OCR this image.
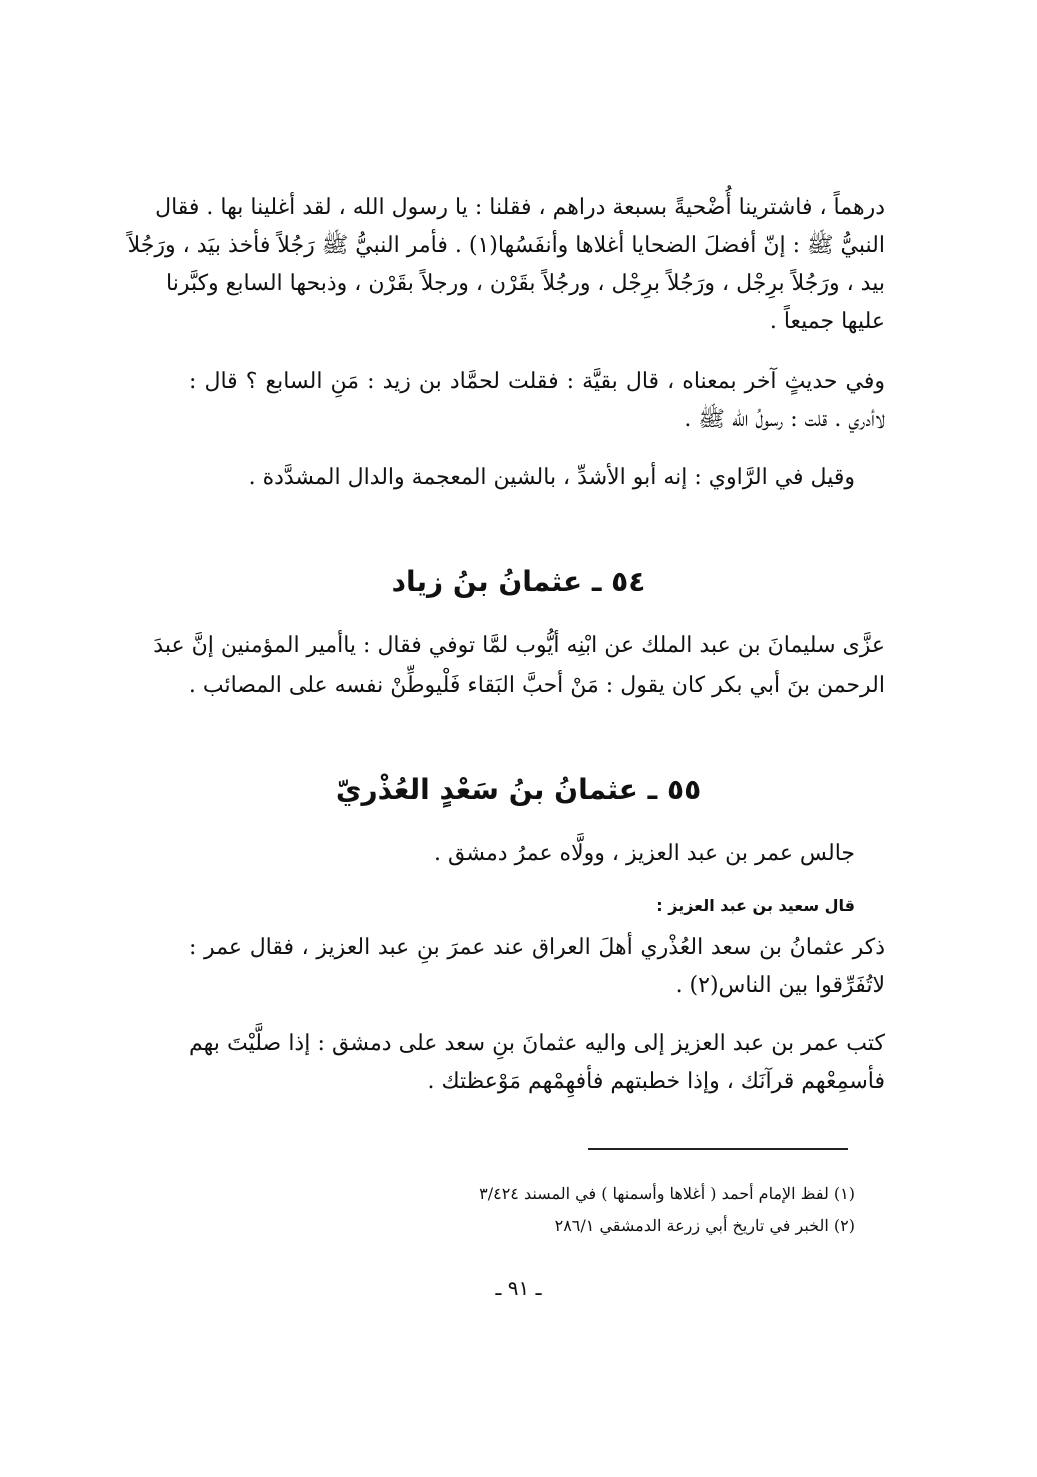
درهماً ، فاشترينا أُضْحيةً بسبعة دراهم ، فقلنا : يا رسول الله ، لقد أغلينا بها . فقال
النبيُّ ﷺ : إنّ أفضلَ الضحايا أغلاها وأنفَسُها(١) . فأمر النبيُّ ﷺ رَجُلاً فأخذ بيَد ، ورَجُلاً
بيد ، ورَجُلاً برِجْل ، ورَجُلاً برِجْل ، ورجُلاً بقَرْن ، ورجلاً بقَرْن ، وذبحها السابع وكبَّرنا
عليها جميعاً .
وفي حديثٍ آخر بمعناه ، قال بقيَّة : فقلت لحمَّاد بن زيد : مَنِ السابع ؟ قال :
لاأدري . قلت : رسولُ الله ﷺ .
وقيل في الرَّاوي : إنه أبو الأشدِّ ، بالشين المعجمة والدال المشدَّدة .
٥٤ ـ عثمانُ بنُ زياد
عزَّى سليمانَ بن عبد الملك عن ابْنِه أيُّوب لمَّا توفي فقال : ياأمير المؤمنين إنَّ عبدَ
الرحمن بنَ أبي بكر كان يقول : مَنْ أحبَّ البَقاء فَلْيوطِّنْ نفسه على المصائب .
٥٥ ـ عثمانُ بنُ سَعْدٍ العُذْريّ
جالس عمر بن عبد العزيز ، وولَّاه عمرُ دمشق .
قال سعيد بن عبد العزيز :
ذكر عثمانُ بن سعد العُذْري أهلَ العراق عند عمرَ بنِ عبد العزيز ، فقال عمر :
لاتُفَرِّقوا بين الناس(٢) .
كتب عمر بن عبد العزيز إلى واليه عثمانَ بنِ سعد على دمشق : إذا صلَّيْتَ بهم
فأسمِعْهم قرآنَك ، وإذا خطبتهم فأفهِمْهم مَوْعظتك .
(١) لفظ الإمام أحمد ( أغلاها وأسمنها ) في المسند ٣/٤٢٤
(٢) الخبر في تاريخ أبي زرعة الدمشقي ٢٨٦/١
ـ ٩١ ـ
